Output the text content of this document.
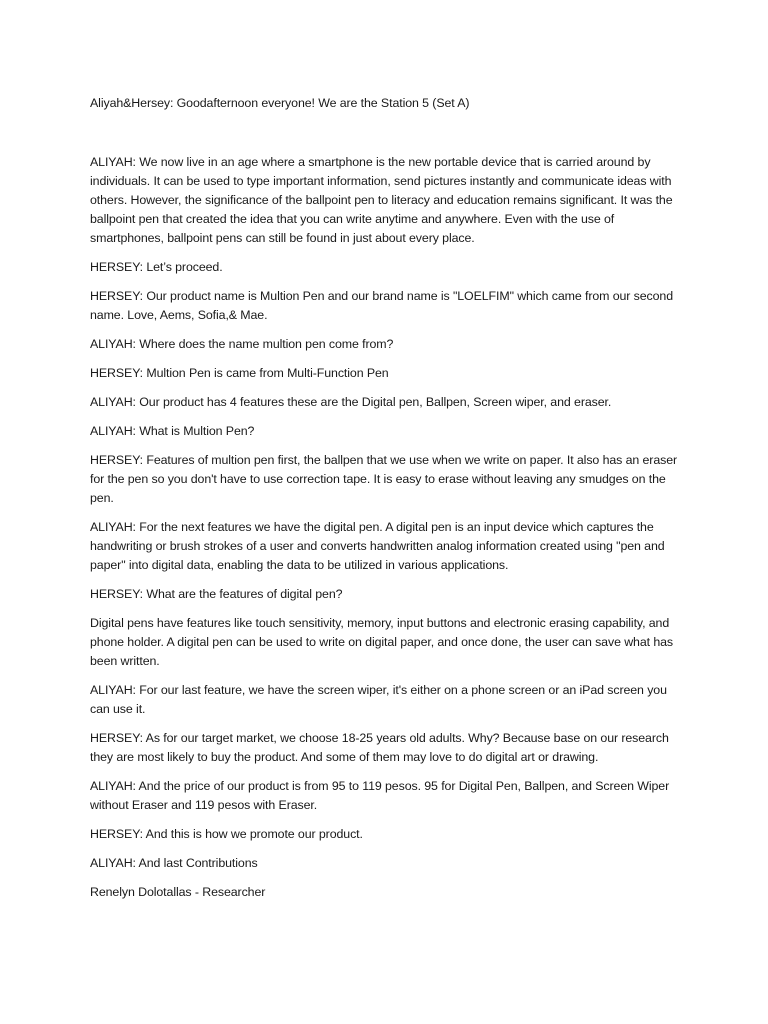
Aliyah&Hersey: Goodafternoon everyone! We are the Station 5 (Set A)

ALIYAH: We now live in an age where a smartphone is the new portable device that is carried around by individuals. It can be used to type important information, send pictures instantly and communicate ideas with others. However, the significance of the ballpoint pen to literacy and education remains significant. It was the ballpoint pen that created the idea that you can write anytime and anywhere. Even with the use of smartphones, ballpoint pens can still be found in just about every place.

HERSEY: Let’s proceed.

HERSEY: Our product name is Multion Pen and our brand name is "LOELFIM" which came from our second name. Love, Aems, Sofia,& Mae.

ALIYAH: Where does the name multion pen come from?

HERSEY: Multion Pen is came from Multi-Function Pen

ALIYAH: Our product has 4 features these are the Digital pen, Ballpen, Screen wiper, and eraser.

ALIYAH: What is Multion Pen?

HERSEY: Features of multion pen first, the ballpen that we use when we write on paper. It also has an eraser for the pen so you don't have to use correction tape. It is easy to erase without leaving any smudges on the pen.

ALIYAH: For the next features we have the digital pen. A digital pen is an input device which captures the handwriting or brush strokes of a user and converts handwritten analog information created using "pen and paper" into digital data, enabling the data to be utilized in various applications.

HERSEY: What are the features of digital pen?

Digital pens have features like touch sensitivity, memory, input buttons and electronic erasing capability, and phone holder. A digital pen can be used to write on digital paper, and once done, the user can save what has been written.

ALIYAH: For our last feature, we have the screen wiper, it's either on a phone screen or an iPad screen you can use it.

HERSEY: As for our target market, we choose 18-25 years old adults. Why? Because base on our research they are most likely to buy the product. And some of them may love to do digital art or drawing.

ALIYAH: And the price of our product is from 95 to 119 pesos. 95 for Digital Pen, Ballpen, and Screen Wiper without Eraser and 119 pesos with Eraser.

HERSEY: And this is how we promote our product.

ALIYAH: And last Contributions

Renelyn Dolotallas - Researcher
